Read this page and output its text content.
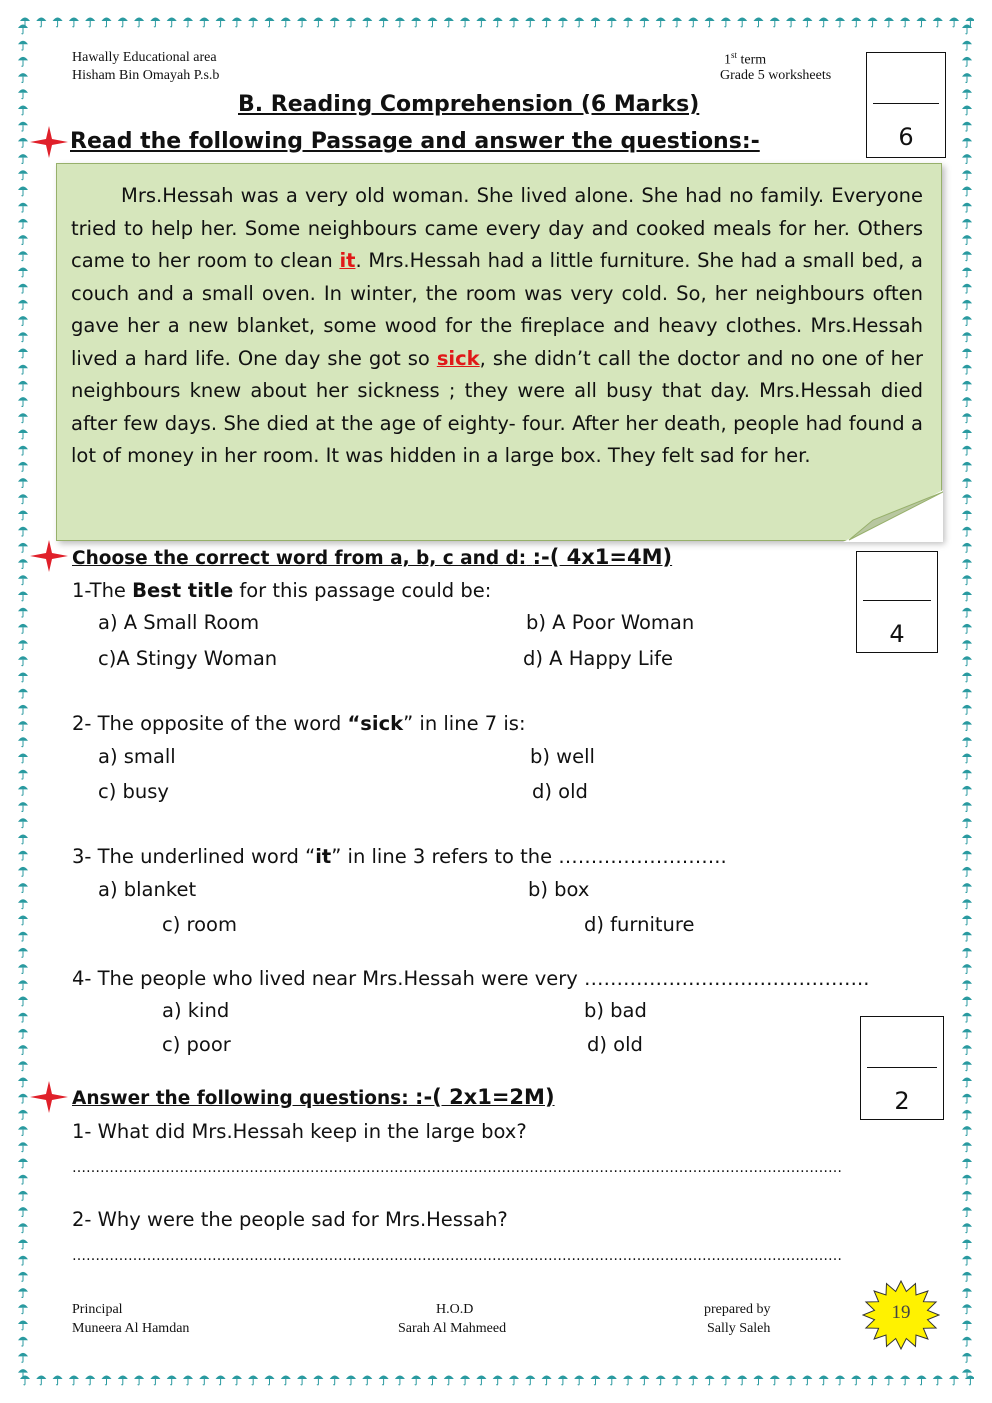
Hawally Educational area
Hisham Bin Omayah P.s.b
1st term
Grade 5 worksheets
6
B. Reading Comprehension (6 Marks)
Read the following Passage and answer the questions:-

Mrs.Hessah was a very old woman. She lived alone. She had no family. Everyone tried to help her. Some neighbours came every day and cooked meals for her. Others came to her room to clean it. Mrs.Hessah had a little furniture. She had a small bed, a couch and a small oven. In winter, the room was very cold. So, her neighbours often gave her a new blanket, some wood for the fireplace and heavy clothes. Mrs.Hessah lived a hard life. One day she got so sick, she didn’t call the doctor and no one of her neighbours knew about her sickness ; they were all busy that day. Mrs.Hessah died after few days. She died at the age of eighty- four. After her death, people had found a lot of money in her room. It was hidden in a large box. They felt sad for her.

Choose the correct word from a, b, c and d: :-( 4x1=4M)
4
1-The Best title for this passage could be:
a) A Small Room	b) A Poor Woman
c)A Stingy Woman	d) A Happy Life
2- The opposite of the word “sick” in line 7 is:
a) small	b) well
c) busy	d) old
3- The underlined word “it” in line 3 refers to the ……………………..
a) blanket	b) box
c) room	d) furniture
4- The people who lived near Mrs.Hessah were very ……………………………………..
a) kind	b) bad
c) poor	d) old
2
Answer the following questions: :-( 2x1=2M)
1- What did Mrs.Hessah keep in the large box?
…………………………………………………………………………………………………………………………………………………
2- Why were the people sad for Mrs.Hessah?
…………………………………………………………………………………………………………………………………………………
Principal
Muneera Al Hamdan
H.O.D
Sarah Al Mahmeed
prepared by
Sally Saleh
19
